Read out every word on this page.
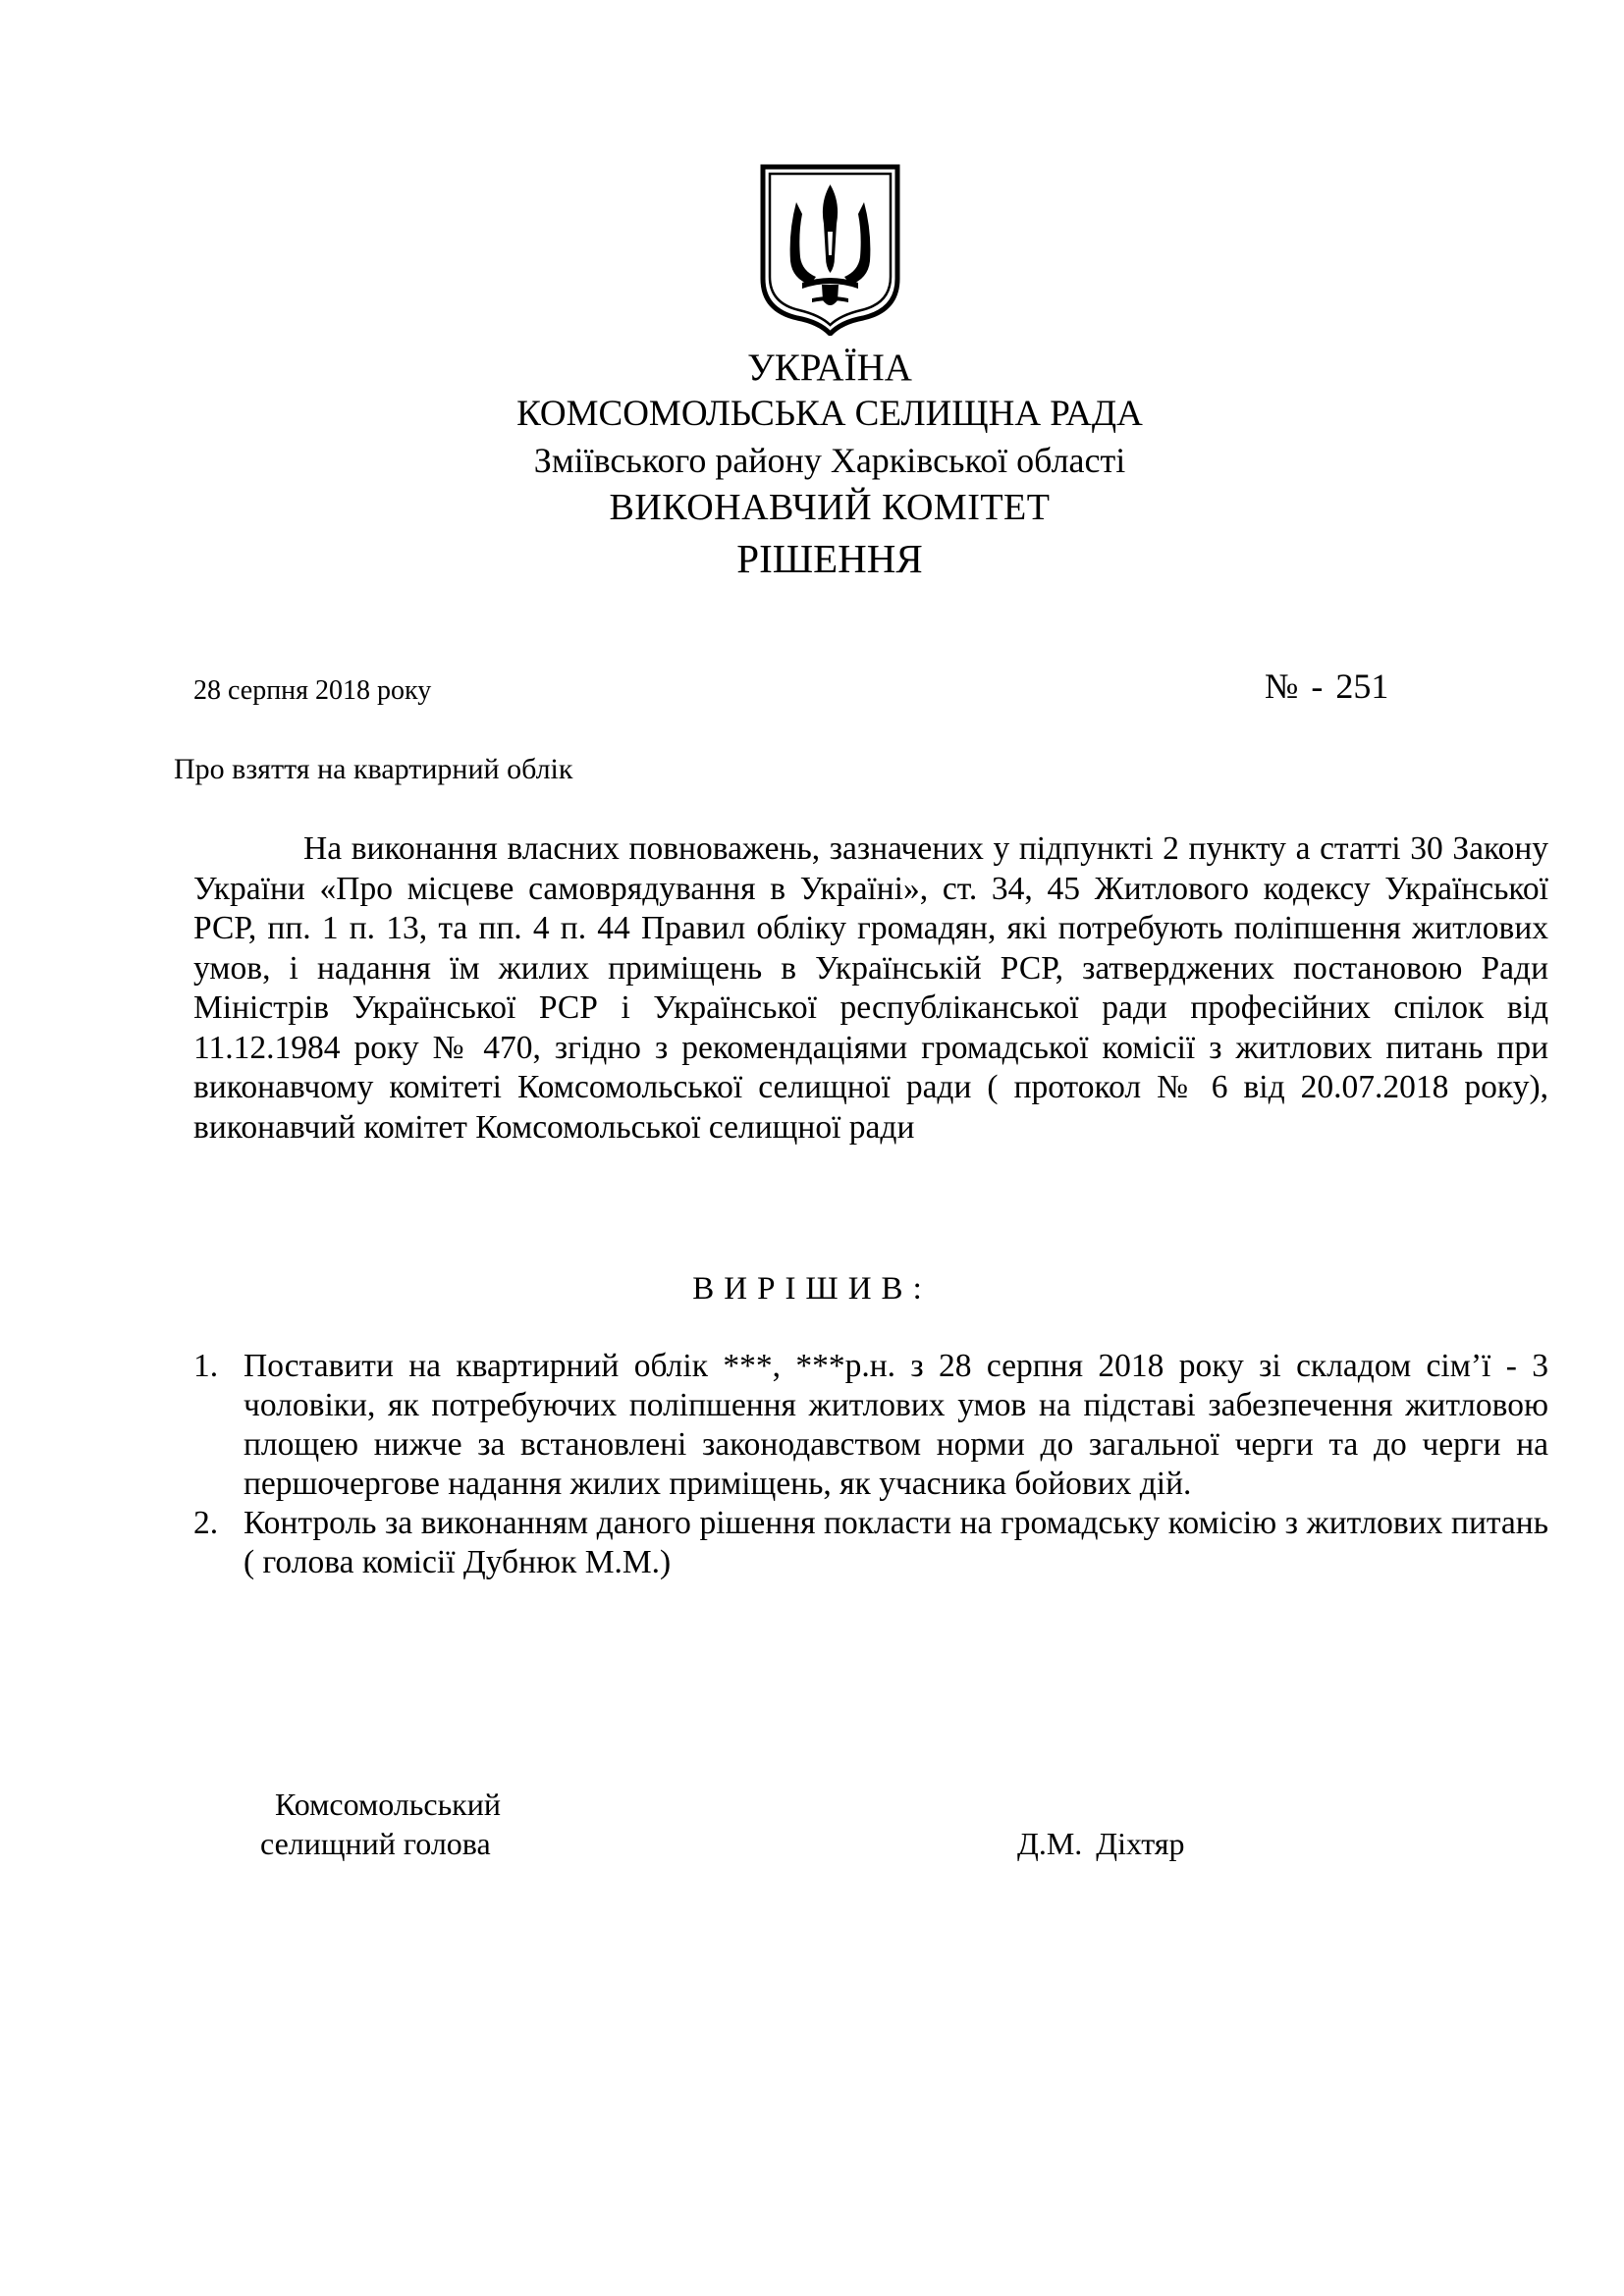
УКРАЇНА
КОМСОМОЛЬСЬКА СЕЛИЩНА РАДА
Зміївського району Харківської області
ВИКОНАВЧИЙ КОМІТЕТ
РІШЕННЯ
28 серпня 2018 року	№ - 251
Про взяття на квартирний облік

На виконання власних повноважень, зазначених у підпункті 2 пункту а статті 30 Закону України «Про місцеве самоврядування в Україні», ст. 34, 45 Житлового кодексу Української РСР, пп. 1 п. 13, та пп. 4 п. 44 Правил обліку громадян, які потребують поліпшення житлових умов, і надання їм жилих приміщень в Українській РСР, затверджених постановою Ради Міністрів Української РСР і Української республіканської ради професійних спілок від 11.12.1984 року № 470, згідно з рекомендаціями громадської комісії з житлових питань при виконавчому комітеті Комсомольської селищної ради ( протокол № 6 від 20.07.2018 року), виконавчий комітет Комсомольської селищної ради

ВИРІШИВ:
1. Поставити на квартирний облік ***, ***р.н. з 28 серпня 2018 року зі складом сім’ї - 3 чоловіки, як потребуючих поліпшення житлових умов на підставі забезпечення житловою площею нижче за встановлені законодавством норми до загальної черги та до черги на першочергове надання жилих приміщень, як учасника бойових дій.
2. Контроль за виконанням даного рішення покласти на громадську комісію з житлових питань ( голова комісії Дубнюк М.М.)
Комсомольський
селищний голова	Д.М. Діхтяр
